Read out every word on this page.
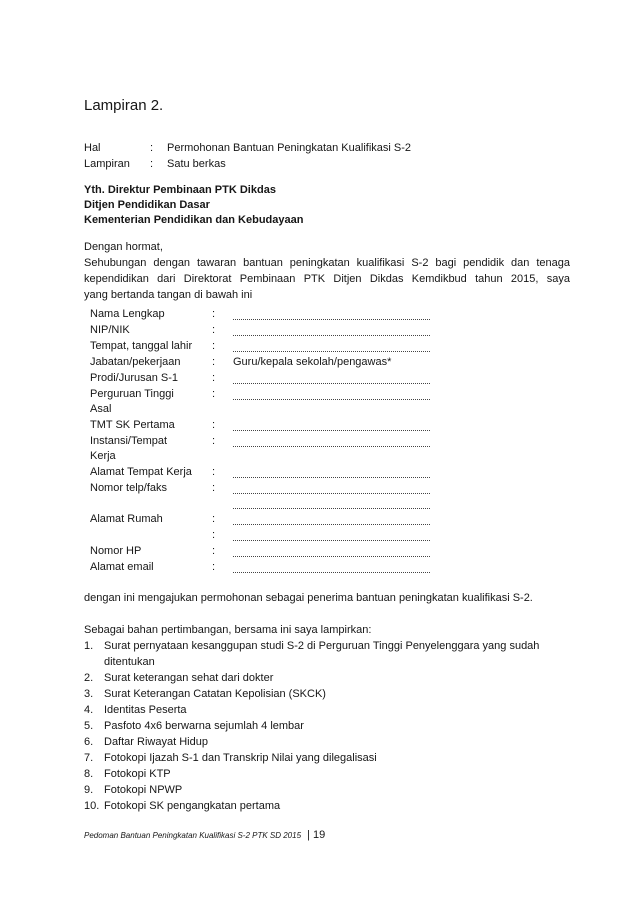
Lampiran 2.
Hal	: Permohonan Bantuan Peningkatan Kualifikasi S-2
Lampiran : Satu berkas
Yth. Direktur Pembinaan PTK Dikdas
Ditjen Pendidikan Dasar
Kementerian Pendidikan dan Kebudayaan
Dengan hormat,
Sehubungan dengan tawaran bantuan peningkatan kualifikasi S-2 bagi pendidik dan tenaga
kependidikan dari Direktorat Pembinaan PTK Ditjen Dikdas Kemdikbud tahun 2015, saya
yang bertanda tangan di bawah ini
Nama Lengkap	:
NIP/NIK	:
Tempat, tanggal lahir :
Jabatan/pekerjaan	: Guru/kepala sekolah/pengawas*
Prodi/Jurusan S-1	:
Perguruan Tinggi	:
Asal
TMT SK Pertama	:
Instansi/Tempat	:
Kerja
Alamat Tempat Kerja :
Nomor telp/faks	:
Alamat Rumah	:
:
Nomor HP	:
Alamat email	:
dengan ini mengajukan permohonan sebagai penerima bantuan peningkatan kualifikasi S-2.
Sebagai bahan pertimbangan, bersama ini saya lampirkan:
1. Surat pernyataan kesanggupan studi S-2 di Perguruan Tinggi Penyelenggara yang sudah
ditentukan
2. Surat keterangan sehat dari dokter
3. Surat Keterangan Catatan Kepolisian (SKCK)
4. Identitas Peserta
5. Pasfoto 4x6 berwarna sejumlah 4 lembar
6. Daftar Riwayat Hidup
7. Fotokopi Ijazah S-1 dan Transkrip Nilai yang dilegalisasi
8. Fotokopi KTP
9. Fotokopi NPWP
10. Fotokopi SK pengangkatan pertama
Pedoman Bantuan Peningkatan Kualifikasi S-2 PTK SD 2015 | 19
